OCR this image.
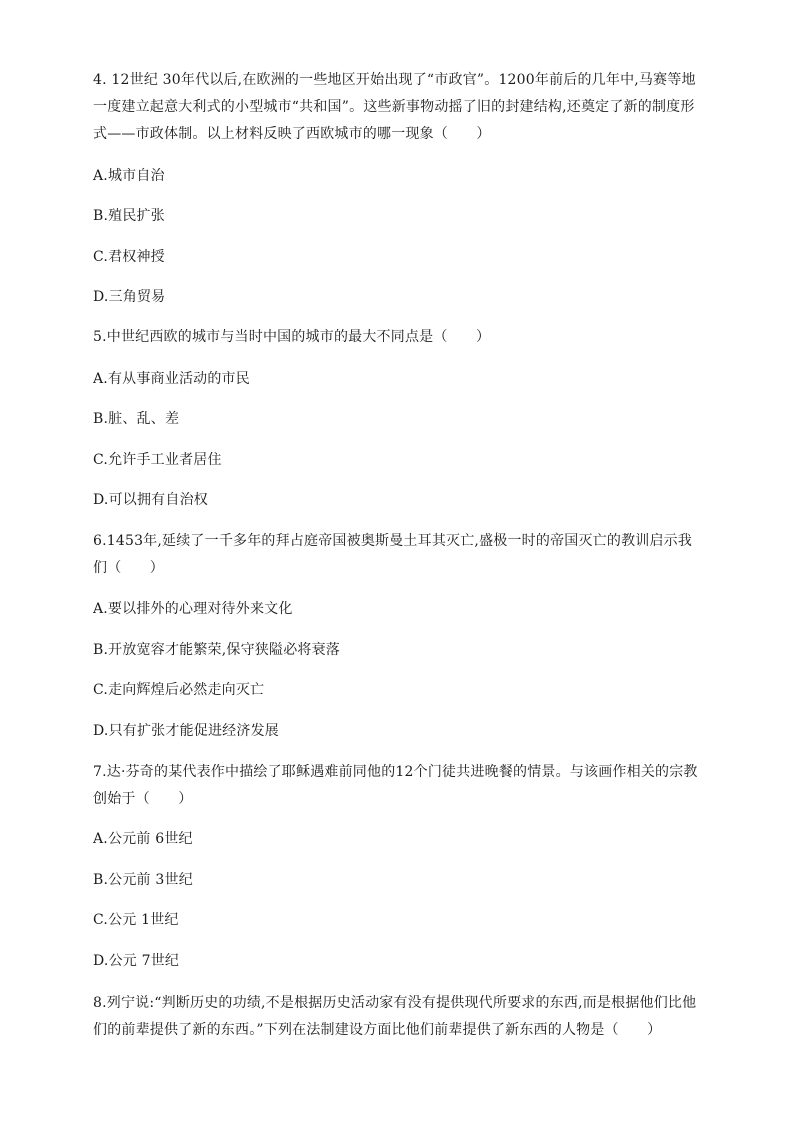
4. 12世纪 30年代以后,在欧洲的一些地区开始出现了“市政官”。1200年前后的几年中,马赛等地一度建立起意大利式的小型城市“共和国”。这些新事物动摇了旧的封建结构,还奠定了新的制度形式——市政体制。以上材料反映了西欧城市的哪一现象（　　）

A.城市自治

B.殖民扩张

C.君权神授

D.三角贸易

5.中世纪西欧的城市与当时中国的城市的最大不同点是（　　）

A.有从事商业活动的市民

B.脏、乱、差

C.允许手工业者居住

D.可以拥有自治权

6.1453年,延续了一千多年的拜占庭帝国被奥斯曼土耳其灭亡,盛极一时的帝国灭亡的教训启示我们（　　）

A.要以排外的心理对待外来文化

B.开放宽容才能繁荣,保守狭隘必将衰落

C.走向辉煌后必然走向灭亡

D.只有扩张才能促进经济发展

7.达·芬奇的某代表作中描绘了耶稣遇难前同他的12个门徒共进晚餐的情景。与该画作相关的宗教创始于（　　）

A.公元前 6世纪

B.公元前 3世纪

C.公元 1世纪

D.公元 7世纪

8.列宁说:“判断历史的功绩,不是根据历史活动家有没有提供现代所要求的东西,而是根据他们比他们的前辈提供了新的东西。”下列在法制建设方面比他们前辈提供了新东西的人物是（　　）
